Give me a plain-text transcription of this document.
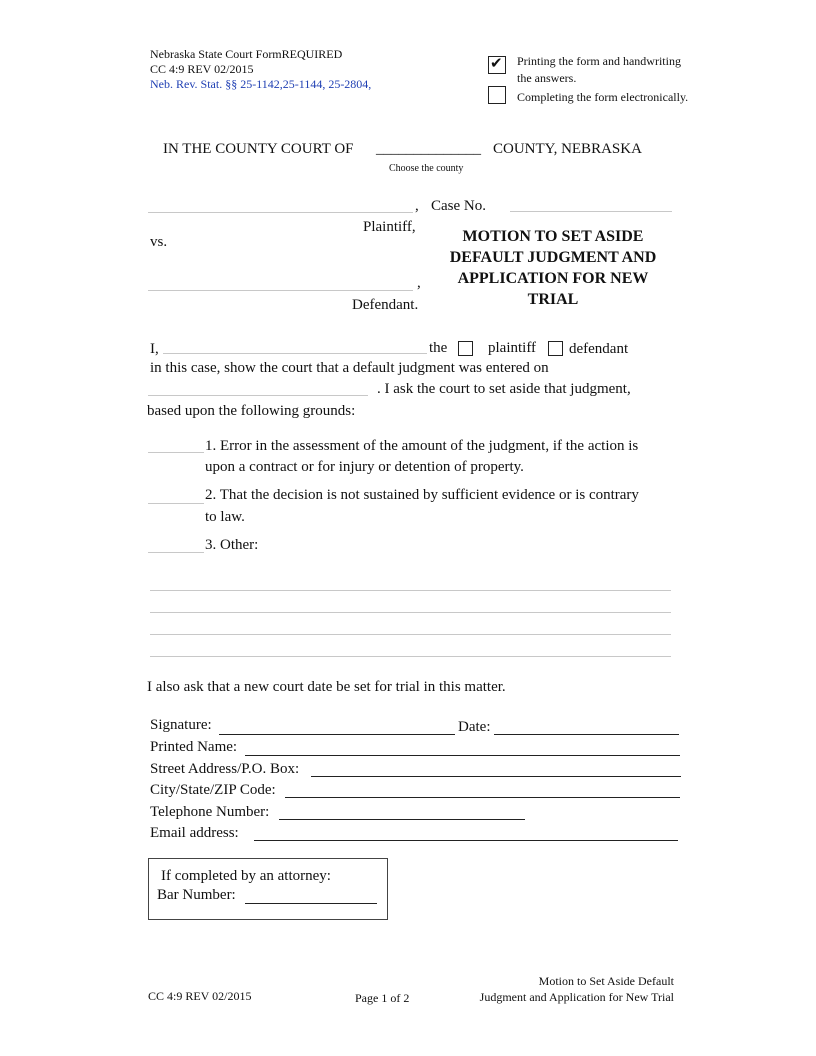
Nebraska State Court FormREQUIRED
CC 4:9 REV 02/2015
Neb. Rev. Stat. §§ 25-1142,25-1144, 25-2804,
✔ Printing the form and handwriting
the answers.
Completing the form electronically.
IN THE COUNTY COURT OF ______________ COUNTY, NEBRASKA
Choose the county
, Case No.
Plaintiff,
vs.
,
Defendant.
MOTION TO SET ASIDE
DEFAULT JUDGMENT AND
APPLICATION FOR NEW
TRIAL
I,	the	plaintiff defendant
in this case, show the court that a default judgment was entered on
. I ask the court to set aside that judgment,
based upon the following grounds:
1. Error in the assessment of the amount of the judgment, if the action is
upon a contract or for injury or detention of property.
2. That the decision is not sustained by sufficient evidence or is contrary
to law.
3. Other:
I also ask that a new court date be set for trial in this matter.
Signature:	Date:
Printed Name:
Street Address/P.O. Box:
City/State/ZIP Code:
Telephone Number:
Email address:
If completed by an attorney:
Bar Number:
CC 4:9 REV 02/2015	Page 1 of 2
Motion to Set Aside Default
Judgment and Application for New Trial
